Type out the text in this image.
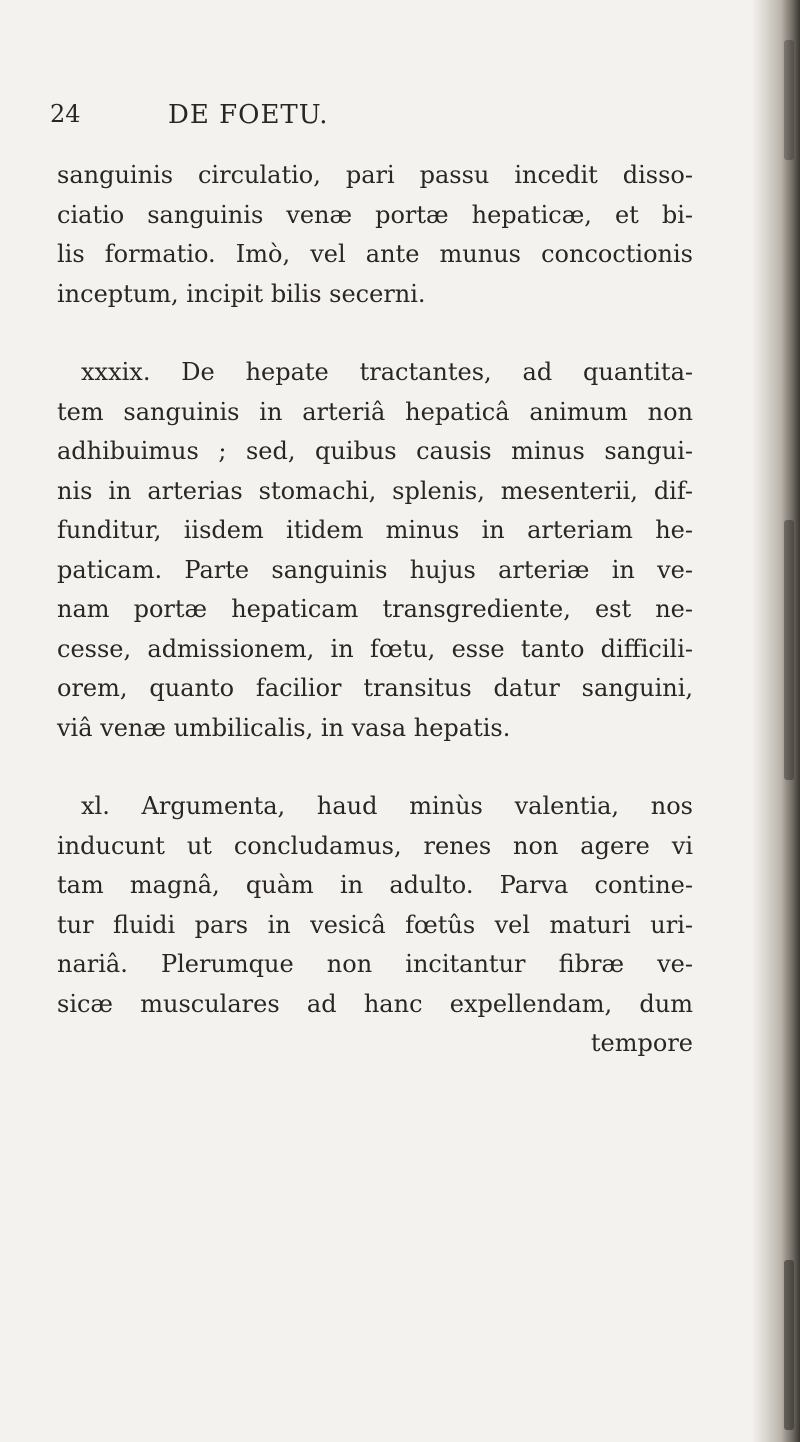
24	DE FOETU.

sanguinis circulatio, pari passu incedit disso-
ciatio sanguinis venæ portæ hepaticæ, et bi-
lis formatio. Imò, vel ante munus concoctionis
inceptum, incipit bilis secerni.

xxxix. De hepate tractantes, ad quantita-
tem sanguinis in arteriâ hepaticâ animum non
adhibuimus ; sed, quibus causis minus sangui-
nis in arterias stomachi, splenis, mesenterii, dif-
funditur, iisdem itidem minus in arteriam he-
paticam. Parte sanguinis hujus arteriæ in ve-
nam portæ hepaticam transgrediente, est ne-
cesse, admissionem, in fœtu, esse tanto difficili-
orem, quanto facilior transitus datur sanguini,
viâ venæ umbilicalis, in vasa hepatis.

xl. Argumenta, haud minùs valentia, nos
inducunt ut concludamus, renes non agere vi
tam magnâ, quàm in adulto. Parva contine-
tur fluidi pars in vesicâ fœtûs vel maturi uri-
nariâ. Plerumque non incitantur fibræ ve-
sicæ musculares ad hanc expellendam, dum

tempore
